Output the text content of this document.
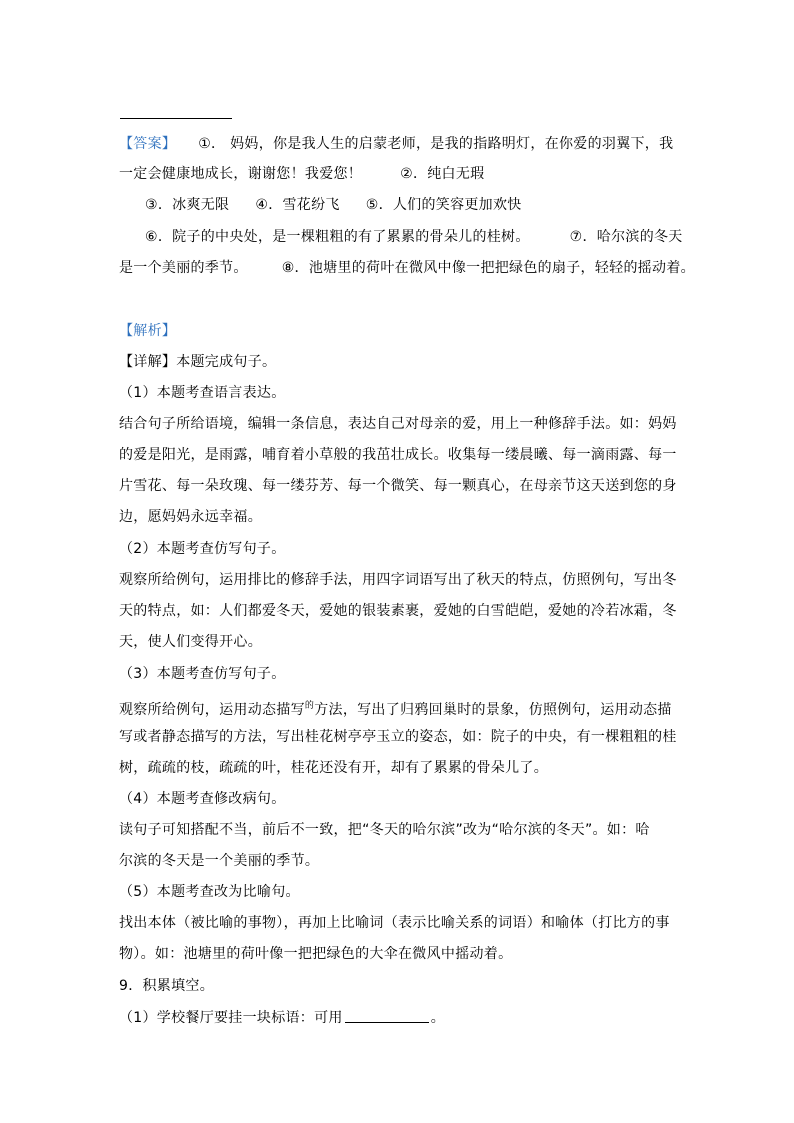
【答案】 ①． 妈妈，你是我人生的启蒙老师，是我的指路明灯，在你爱的羽翼下，我
一定会健康地成长，谢谢您！我爱您！	②．纯白无瑕
③．冰爽无限 ④．雪花纷飞 ⑤．人们的笑容更加欢快
⑥．院子的中央处，是一棵粗粗的有了累累的骨朵儿的桂树。	⑦．哈尔滨的冬天
是一个美丽的季节。 ⑧．池塘里的荷叶在微风中像一把把绿色的扇子，轻轻的摇动着。
【解析】
【详解】本题完成句子。
（1）本题考查语言表达。
结合句子所给语境，编辑一条信息，表达自己对母亲的爱，用上一种修辞手法。如：妈妈
的爱是阳光，是雨露，哺育着小草般的我茁壮成长。收集每一缕晨曦、每一滴雨露、每一
片雪花、每一朵玫瑰、每一缕芬芳、每一个微笑、每一颗真心，在母亲节这天送到您的身
边，愿妈妈永远幸福。
（2）本题考查仿写句子。
观察所给例句，运用排比的修辞手法，用四字词语写出了秋天的特点，仿照例句，写出冬
天的特点，如：人们都爱冬天，爱她的银装素裹，爱她的白雪皑皑，爱她的冷若冰霜，冬
天，使人们变得开心。
（3）本题考查仿写句子。
观察所给例句，运用动态描写$^的$方法，写出了归鸦回巢时的景象，仿照例句，运用动态描
写或者静态描写的方法，写出桂花树亭亭玉立的姿态，如：院子的中央，有一棵粗粗的桂
树，疏疏的枝，疏疏的叶，桂花还没有开，却有了累累的骨朵儿了。
（4）本题考查修改病句。
读句子可知搭配不当，前后不一致，把“冬天的哈尔滨”改为“哈尔滨的冬天”。如：哈
尔滨的冬天是一个美丽的季节。
（5）本题考查改为比喻句。
找出本体（被比喻的事物），再加上比喻词（表示比喻关系的词语）和喻体（打比方的事
物）。如：池塘里的荷叶像一把把绿色的大伞在微风中摇动着。
9．积累填空。
（1）学校餐厅要挂一块标语：可用	。
